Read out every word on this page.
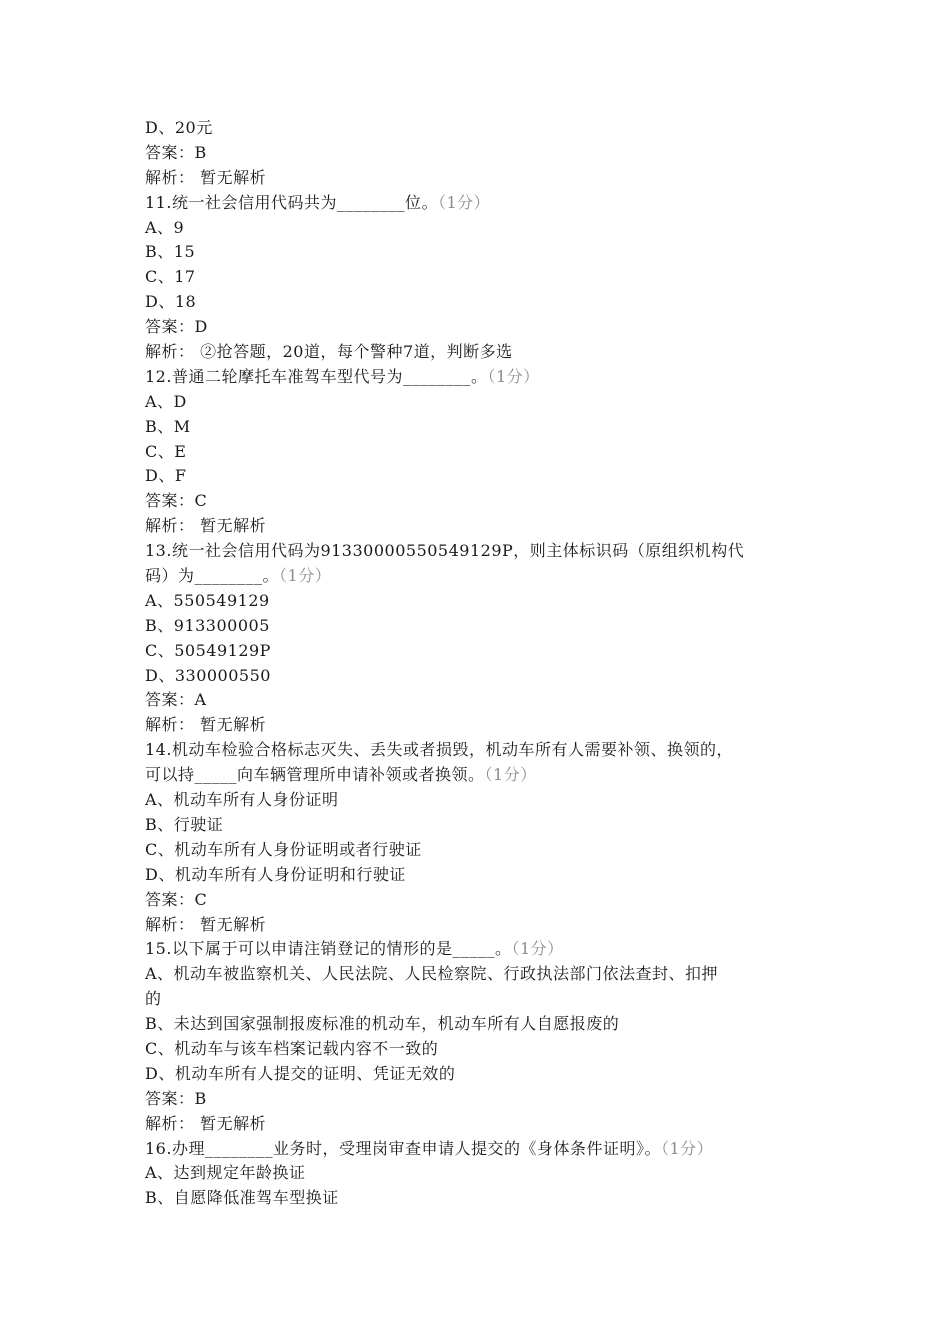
D、20元
答案：B
解析： 暂无解析
11.统一社会信用代码共为________位。（1分）
A、9
B、15
C、17
D、18
答案：D
解析： ②抢答题，20道，每个警种7道，判断多选
12.普通二轮摩托车准驾车型代号为________。（1分）
A、D
B、M
C、E
D、F
答案：C
解析： 暂无解析
13.统一社会信用代码为91330000550549129P，则主体标识码（原组织机构代
码）为________。（1分）
A、550549129
B、913300005
C、50549129P
D、330000550
答案：A
解析： 暂无解析
14.机动车检验合格标志灭失、丢失或者损毁，机动车所有人需要补领、换领的，
可以持_____向车辆管理所申请补领或者换领。（1分）
A、机动车所有人身份证明
B、行驶证
C、机动车所有人身份证明或者行驶证
D、机动车所有人身份证明和行驶证
答案：C
解析： 暂无解析
15.以下属于可以申请注销登记的情形的是_____。（1分）
A、机动车被监察机关、人民法院、人民检察院、行政执法部门依法查封、扣押
的
B、未达到国家强制报废标准的机动车，机动车所有人自愿报废的
C、机动车与该车档案记载内容不一致的
D、机动车所有人提交的证明、凭证无效的
答案：B
解析： 暂无解析
16.办理________业务时，受理岗审查申请人提交的《身体条件证明》。（1分）
A、达到规定年龄换证
B、自愿降低准驾车型换证
